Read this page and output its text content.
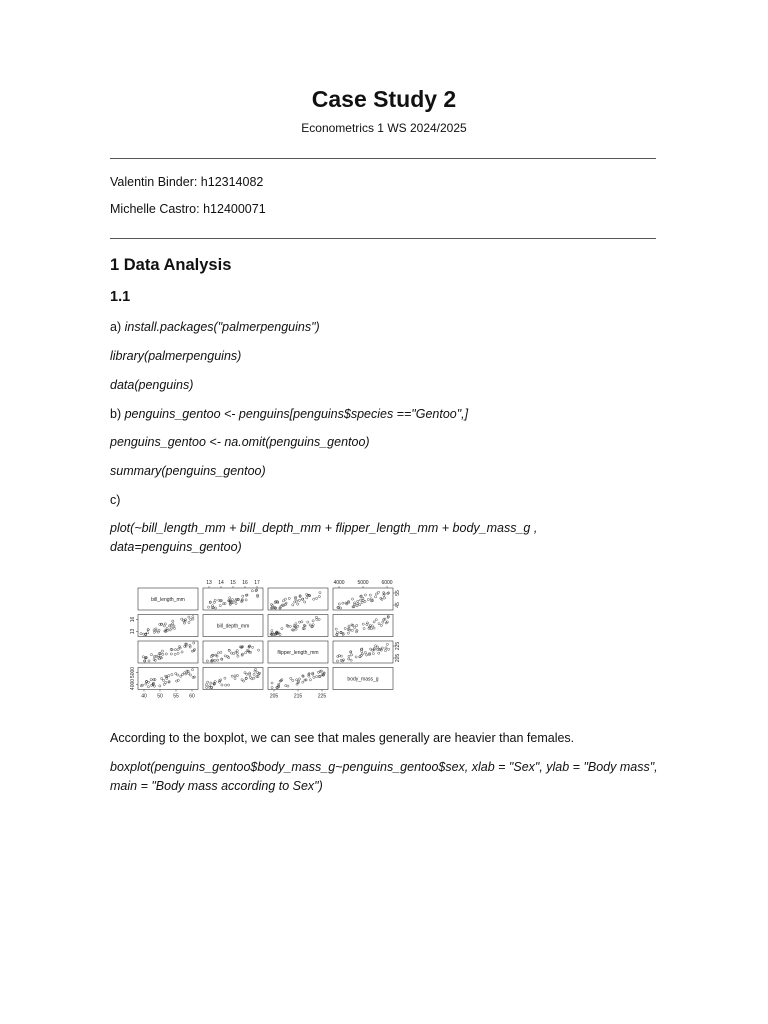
Case Study 2
Econometrics 1 WS 2024/2025
Valentin Binder: h12314082
Michelle Castro: h12400071
1 Data Analysis
1.1
a) install.packages("palmerpenguins")
library(palmerpenguins)
data(penguins)
b) penguins_gentoo <- penguins[penguins$species =="Gentoo",]
penguins_gentoo <- na.omit(penguins_gentoo)
summary(penguins_gentoo)
c)
plot(~bill_length_mm + bill_depth_mm + flipper_length_mm + body_mass_g , data=penguins_gentoo)
bill_length_mm
bill_depth_mm
flipper_length_mm
body_mass_g
13 14 15 16 17	4000	5000	6000
40 50 55 60	205	215	225
13
16
4000
5000
45
55
205
225
According to the boxplot, we can see that males generally are heavier than females.
boxplot(penguins_gentoo$body_mass_g~penguins_gentoo$sex, xlab = "Sex", ylab = "Body mass", main = "Body mass according to Sex")
